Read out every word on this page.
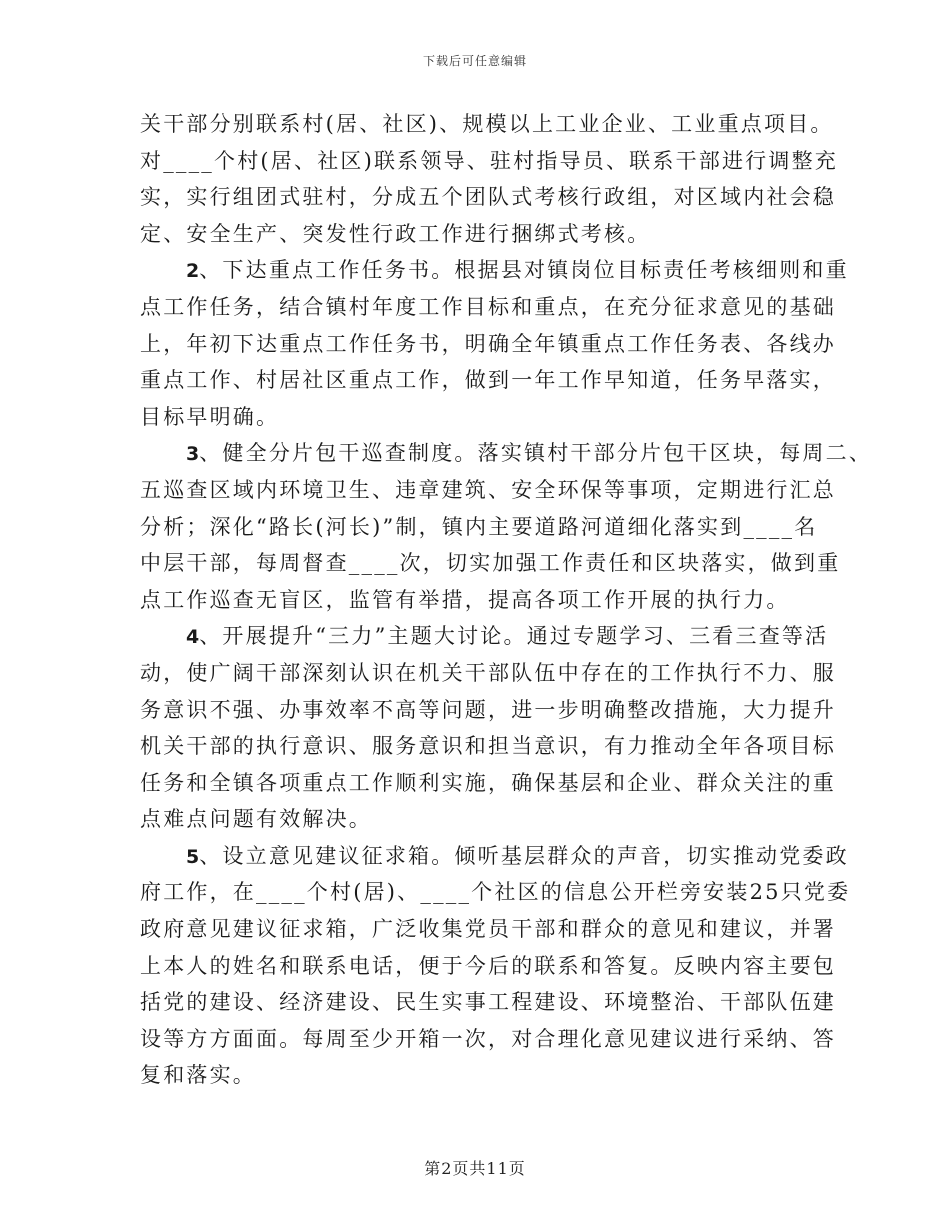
下载后可任意编辑
关干部分别联系村(居、社区)、规模以上工业企业、工业重点项目。
对____个村(居、社区)联系领导、驻村指导员、联系干部进行调整充
实，实行组团式驻村，分成五个团队式考核行政组，对区域内社会稳
定、安全生产、突发性行政工作进行捆绑式考核。
2、下达重点工作任务书。根据县对镇岗位目标责任考核细则和重
点工作任务，结合镇村年度工作目标和重点，在充分征求意见的基础
上，年初下达重点工作任务书，明确全年镇重点工作任务表、各线办
重点工作、村居社区重点工作，做到一年工作早知道，任务早落实，
目标早明确。
3、健全分片包干巡查制度。落实镇村干部分片包干区块，每周二、
五巡查区域内环境卫生、违章建筑、安全环保等事项，定期进行汇总
分析；深化“路长(河长)”制，镇内主要道路河道细化落实到____名
中层干部，每周督查____次，切实加强工作责任和区块落实，做到重
点工作巡查无盲区，监管有举措，提高各项工作开展的执行力。
4、开展提升“三力”主题大讨论。通过专题学习、三看三查等活
动，使广阔干部深刻认识在机关干部队伍中存在的工作执行不力、服
务意识不强、办事效率不高等问题，进一步明确整改措施，大力提升
机关干部的执行意识、服务意识和担当意识，有力推动全年各项目标
任务和全镇各项重点工作顺利实施，确保基层和企业、群众关注的重
点难点问题有效解决。
5、设立意见建议征求箱。倾听基层群众的声音，切实推动党委政
府工作，在____个村(居)、____个社区的信息公开栏旁安装25只党委
政府意见建议征求箱，广泛收集党员干部和群众的意见和建议，并署
上本人的姓名和联系电话，便于今后的联系和答复。反映内容主要包
括党的建设、经济建设、民生实事工程建设、环境整治、干部队伍建
设等方方面面。每周至少开箱一次，对合理化意见建议进行采纳、答
复和落实。
第2页共11页
